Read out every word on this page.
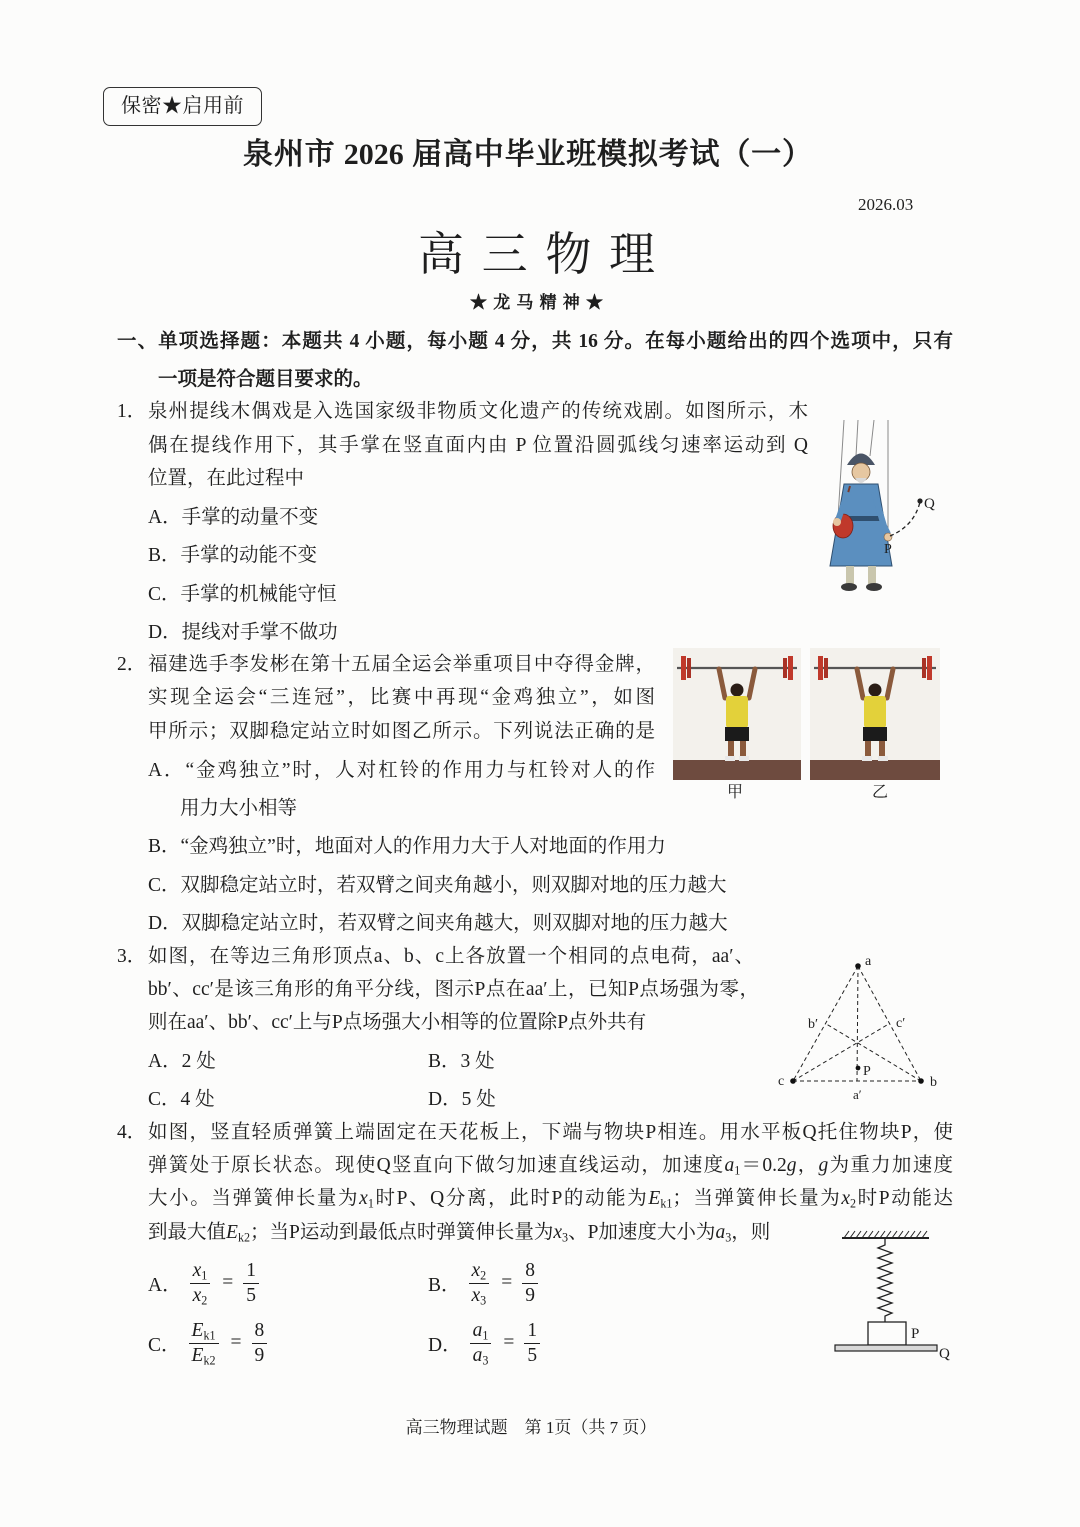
保密★启用前
泉州市 2026 届高中毕业班模拟考试（一）
2026.03
高 三 物 理
★龙马精神★
一、单项选择题：本题共 4 小题，每小题 4 分，共 16 分。在每小题给出的四个选项中，只有
一项是符合题目要求的。
1． 泉州提线木偶戏是入选国家级非物质文化遗产的传统戏剧。如图所示，木
偶在提线作用下，其手掌在竖直面内由 P 位置沿圆弧线匀速率运动到 Q
位置，在此过程中
A．手掌的动量不变
B．手掌的动能不变
C．手掌的机械能守恒
D．提线对手掌不做功
Q
P
2． 福建选手李发彬在第十五届全运会举重项目中夺得金牌，
实现全运会“三连冠”，比赛中再现“金鸡独立”，如图
甲所示；双脚稳定站立时如图乙所示。下列说法正确的是
A．“金鸡独立”时，人对杠铃的作用力与杠铃对人的作
用力大小相等
B．“金鸡独立”时，地面对人的作用力大于人对地面的作用力
C．双脚稳定站立时，若双臂之间夹角越小，则双脚对地的压力越大
D．双脚稳定站立时，若双臂之间夹角越大，则双脚对地的压力越大
甲	乙
3． 如图，在等边三角形顶点a、b、c上各放置一个相同的点电荷，aa′、
bb′、cc′是该三角形的角平分线，图示P点在aa′上，已知P点场强为零，
则在aa′、bb′、cc′上与P点场强大小相等的位置除P点外共有
A．2 处	B．3 处
C．4 处	D．5 处
a
b
c
b′	c′
P
a′
4． 如图，竖直轻质弹簧上端固定在天花板上，下端与物块P相连。用水平板Q托住物块P，使
弹簧处于原长状态。现使Q竖直向下做匀加速直线运动，加速度a1＝0.2g，g为重力加速度
大小。当弹簧伸长量为x1时P、Q分离，此时P的动能为Ek1；当弹簧伸长量为x2时P动能达
到最大值Ek2；当P运动到最低点时弹簧伸长量为x3、P加速度大小为a3，则
A． $\frac{x1}{x2} = \frac{1}{5}$	B． $\frac{x2}{x3} = \frac{8}{9}$
C． $\frac{Ek1}{Ek2} = \frac{8}{9}$	D． $\frac{a1}{a3} = \frac{1}{5}$	P
Q
高三物理试题　第 1页（共 7 页）
